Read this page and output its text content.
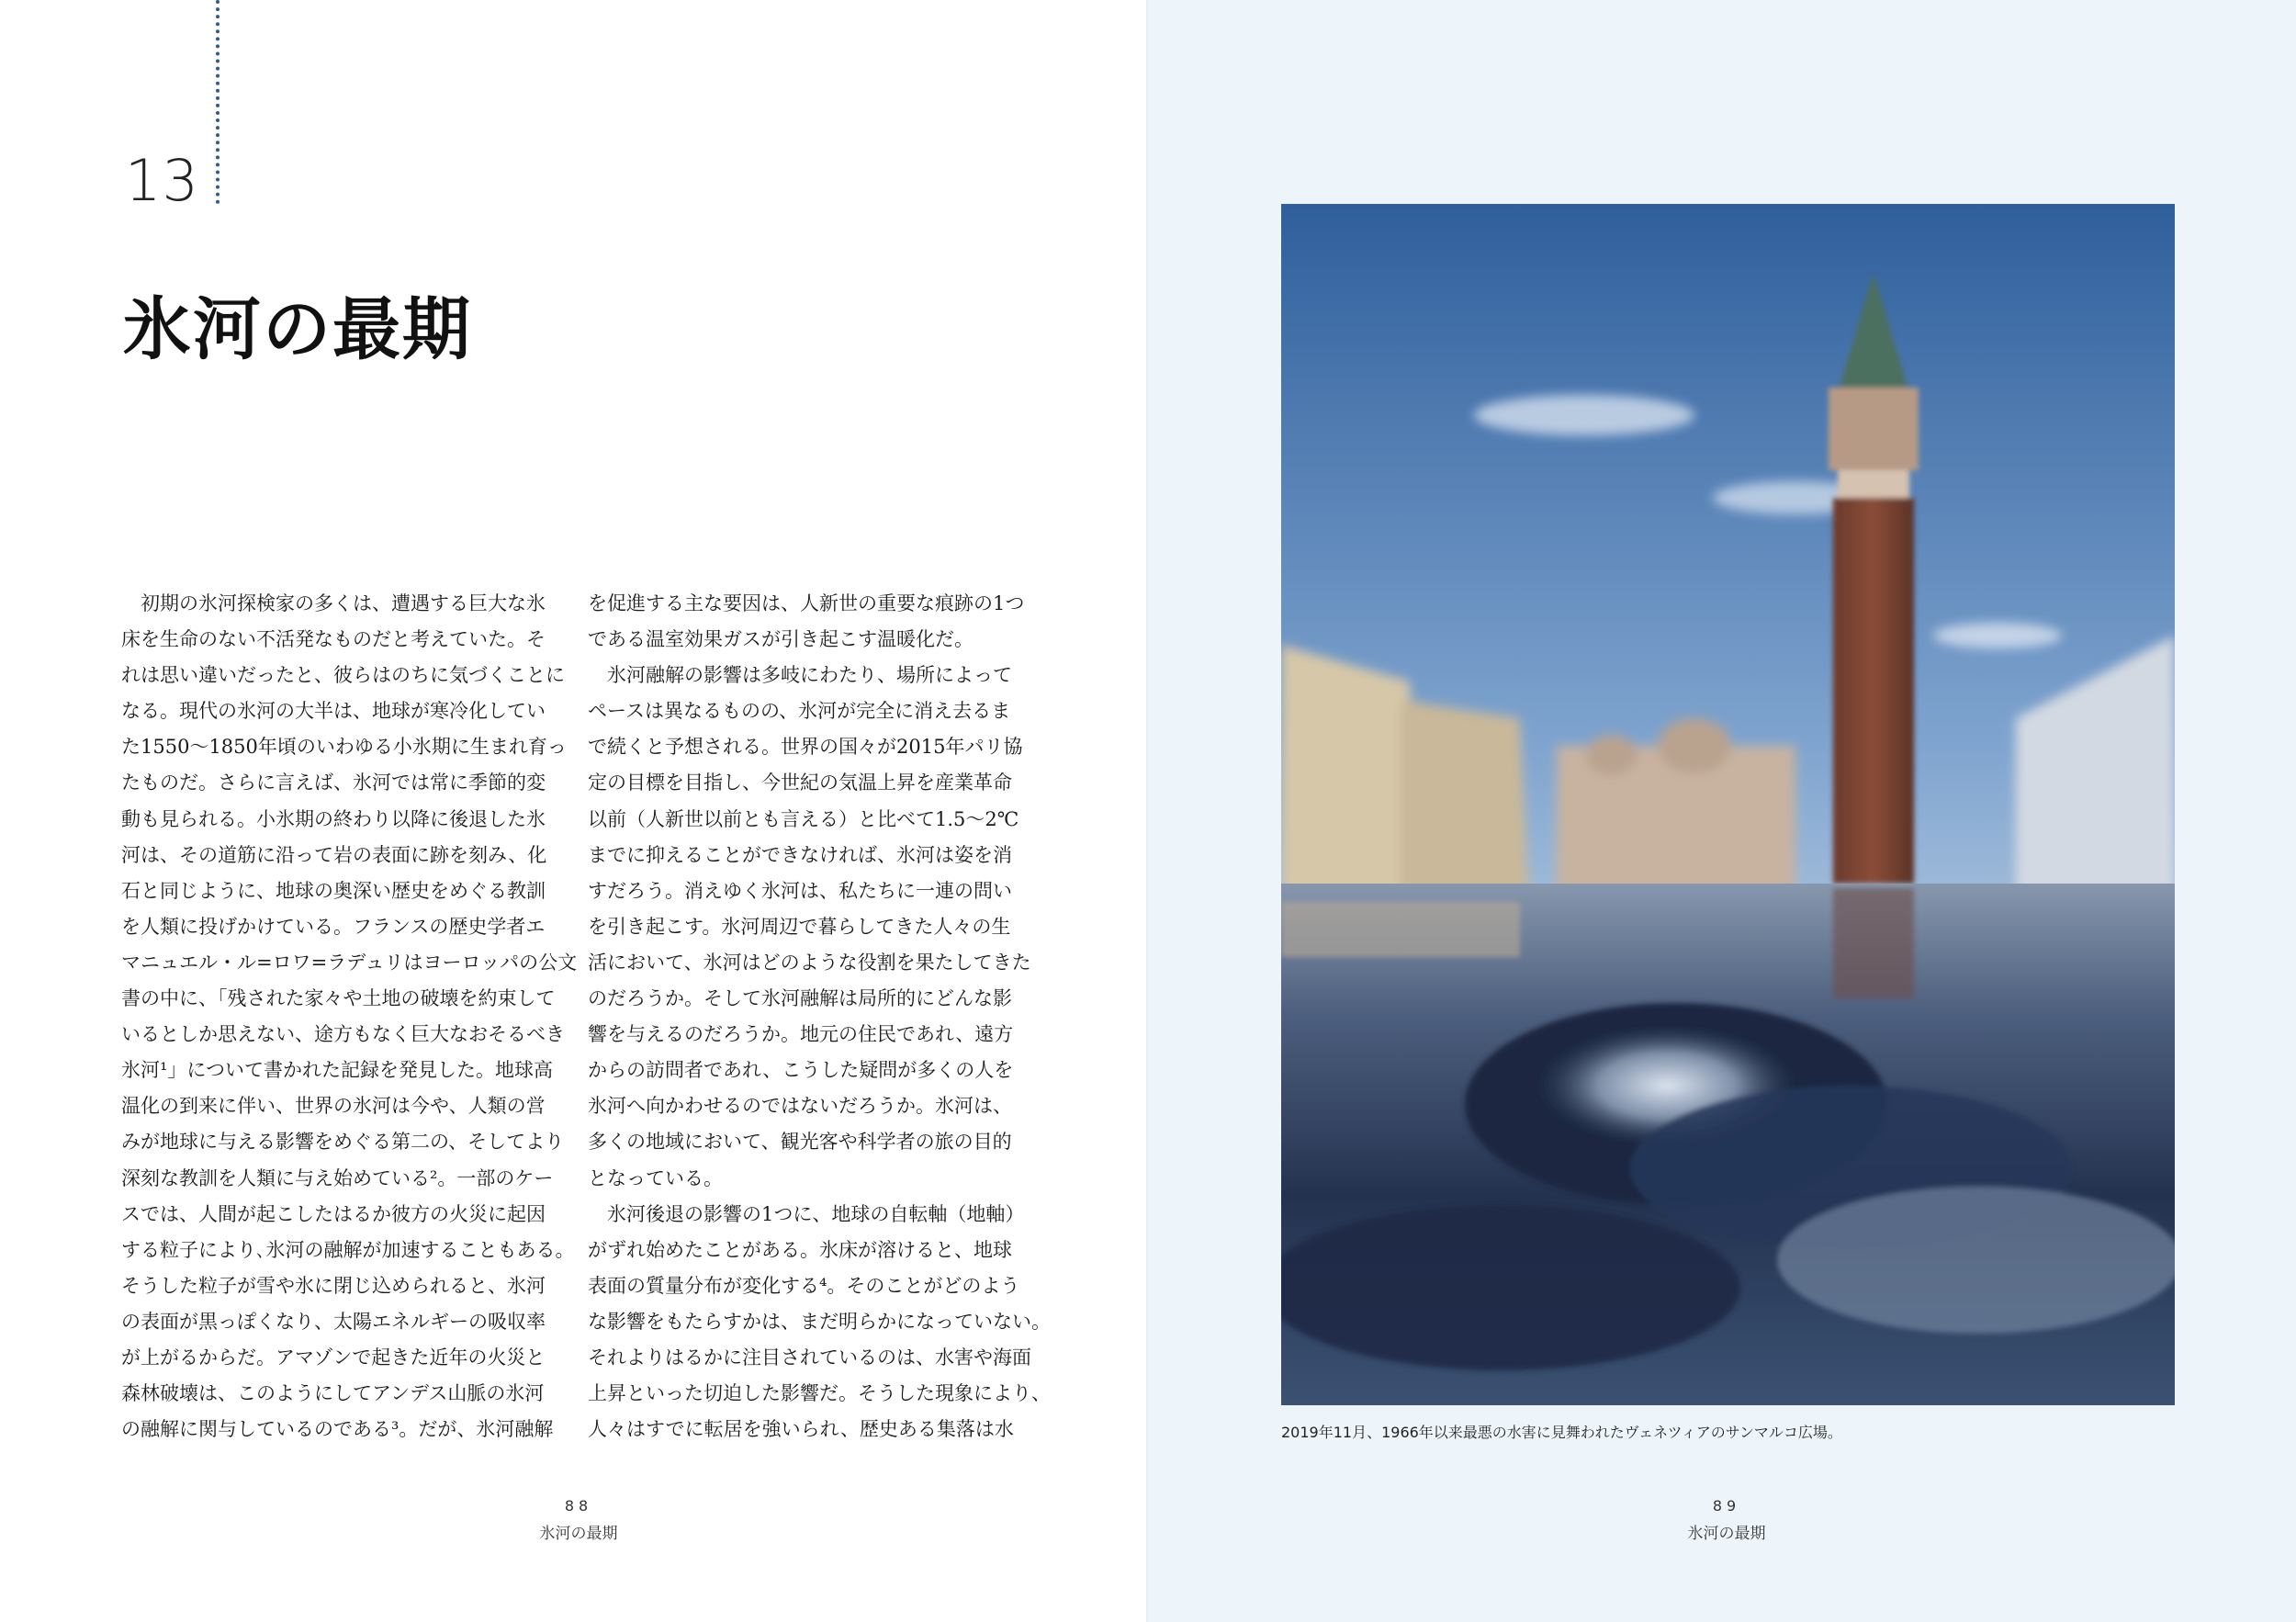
13
氷河の最期

　初期の氷河探検家の多くは、遭遇する巨大な氷

床を生命のない不活発なものだと考えていた。そ

れは思い違いだったと、彼らはのちに気づくことに

なる。現代の氷河の大半は、地球が寒冷化してい

た1550～1850年頃のいわゆる小氷期に生まれ育っ

たものだ。さらに言えば、氷河では常に季節的変

動も見られる。小氷期の終わり以降に後退した氷

河は、その道筋に沿って岩の表面に跡を刻み、化

石と同じように、地球の奥深い歴史をめぐる教訓

を人類に投げかけている。フランスの歴史学者エ

マニュエル・ル=ロワ=ラデュリはヨーロッパの公文

書の中に、「残された家々や土地の破壊を約束して

いるとしか思えない、途方もなく巨大なおそるべき

氷河¹」について書かれた記録を発見した。地球高

温化の到来に伴い、世界の氷河は今や、人類の営

みが地球に与える影響をめぐる第二の、そしてより

深刻な教訓を人類に与え始めている²。一部のケー

スでは、人間が起こしたはるか彼方の火災に起因

する粒子により､氷河の融解が加速することもある。

そうした粒子が雪や氷に閉じ込められると、氷河

の表面が黒っぽくなり、太陽エネルギーの吸収率

が上がるからだ。アマゾンで起きた近年の火災と

森林破壊は、このようにしてアンデス山脈の氷河

の融解に関与しているのである³。だが、氷河融解

を促進する主な要因は、人新世の重要な痕跡の1つ

である温室効果ガスが引き起こす温暖化だ。

　氷河融解の影響は多岐にわたり、場所によって

ペースは異なるものの、氷河が完全に消え去るま

で続くと予想される。世界の国々が2015年パリ協

定の目標を目指し、今世紀の気温上昇を産業革命

以前（人新世以前とも言える）と比べて1.5～2℃

までに抑えることができなければ、氷河は姿を消

すだろう。消えゆく氷河は、私たちに一連の問い

を引き起こす。氷河周辺で暮らしてきた人々の生

活において、氷河はどのような役割を果たしてきた

のだろうか。そして氷河融解は局所的にどんな影

響を与えるのだろうか。地元の住民であれ、遠方

からの訪問者であれ、こうした疑問が多くの人を

氷河へ向かわせるのではないだろうか。氷河は、

多くの地域において、観光客や科学者の旅の目的

となっている。

　氷河後退の影響の1つに、地球の自転軸（地軸）

がずれ始めたことがある。氷床が溶けると、地球

表面の質量分布が変化する⁴。そのことがどのよう

な影響をもたらすかは、まだ明らかになっていない。

それよりはるかに注目されているのは、水害や海面

上昇といった切迫した影響だ。そうした現象により、

人々はすでに転居を強いられ、歴史ある集落は水

88
氷河の最期
2019年11月、1966年以来最悪の水害に見舞われたヴェネツィアのサンマルコ広場。
89
氷河の最期
